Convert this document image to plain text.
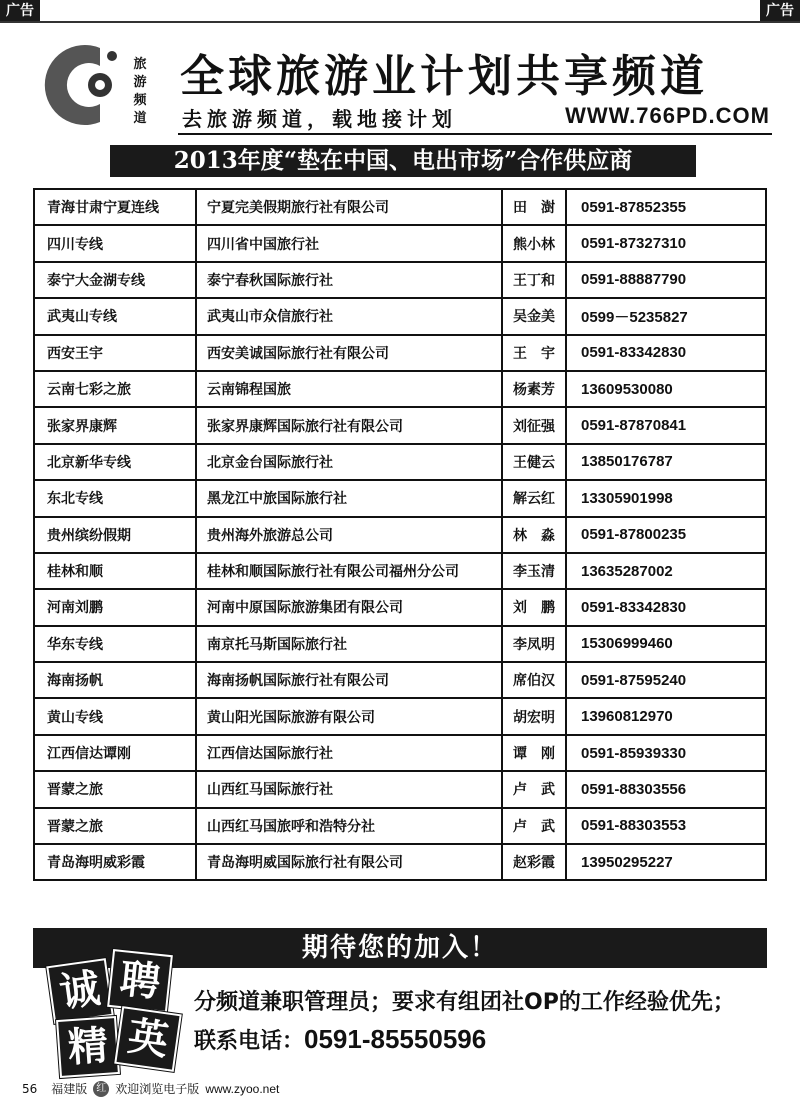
广告	广告
旅
游
频
道
全球旅游业计划共享频道
去旅游频道，载地接计划	WWW.766PD.COM
2013年度“垫在中国、电出市场”合作供应商
青海甘肃宁夏连线	宁夏完美假期旅行社有限公司	田　澍	0591-87852355
四川专线	四川省中国旅行社	熊小林	0591-87327310
泰宁大金湖专线	泰宁春秋国际旅行社	王丁和	0591-88887790
武夷山专线	武夷山市众信旅行社	吴金美	0599－5235827
西安王宇	西安美诚国际旅行社有限公司	王　宇	0591-83342830
云南七彩之旅	云南锦程国旅	杨素芳	13609530080
张家界康辉	张家界康辉国际旅行社有限公司	刘征强	0591-87870841
北京新华专线	北京金台国际旅行社	王健云	13850176787
东北专线	黑龙江中旅国际旅行社	解云红	13305901998
贵州缤纷假期	贵州海外旅游总公司	林　淼	0591-87800235
桂林和顺	桂林和顺国际旅行社有限公司福州分公司	李玉清	13635287002
河南刘鹏	河南中原国际旅游集团有限公司	刘　鹏	0591-83342830
华东专线	南京托马斯国际旅行社	李凤明	15306999460
海南扬帆	海南扬帆国际旅行社有限公司	席伯汉	0591-87595240
黄山专线	黄山阳光国际旅游有限公司	胡宏明	13960812970
江西信达谭刚	江西信达国际旅行社	谭　刚	0591-85939330
晋蒙之旅	山西红马国际旅行社	卢　武	0591-88303556
晋蒙之旅	山西红马国旅呼和浩特分社	卢　武	0591-88303553
青岛海明威彩霞	青岛海明威国际旅行社有限公司	赵彩霞	13950295227
期待您的加入！
诚 聘
精 英
分频道兼职管理员；要求有组团社OP的工作经验优先；
联系电话：0591-85550596
56 福建版 红 欢迎浏览电子版 www.zyoo.net
